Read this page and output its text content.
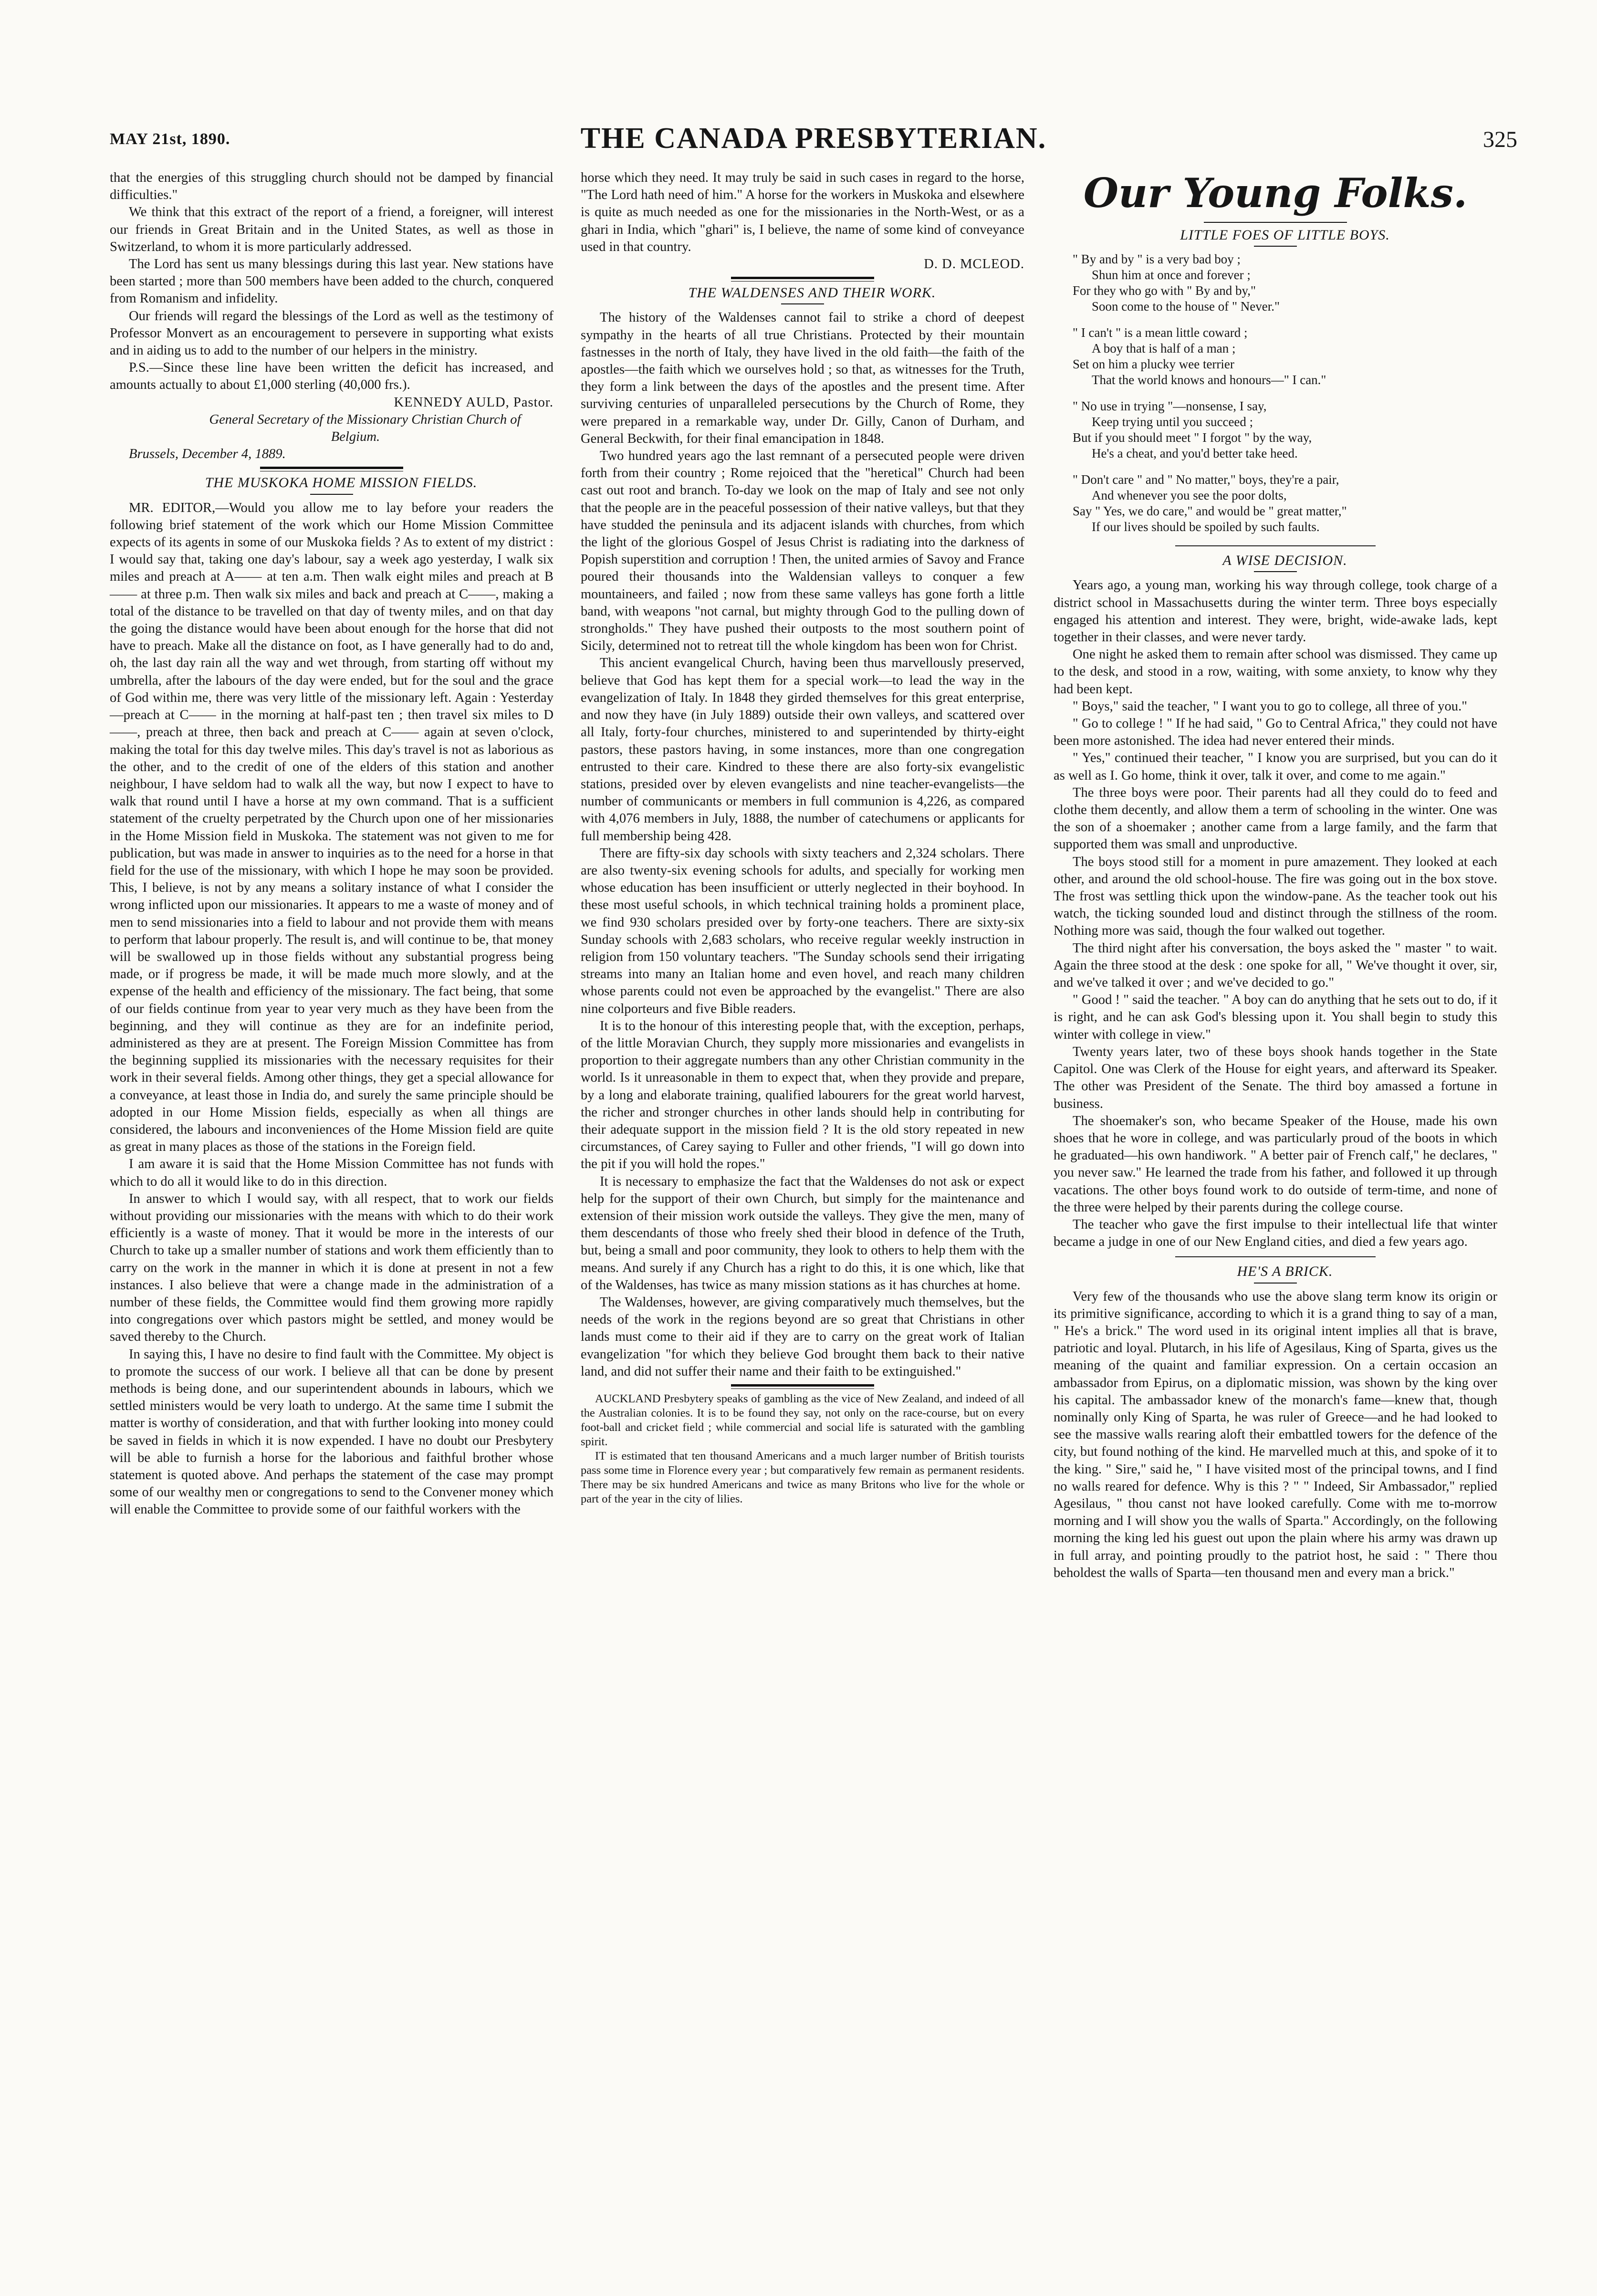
MAY 21st, 1890.	THE CANADA PRESBYTERIAN.	325

that the energies of this struggling church should not be damped by financial difficulties."

We think that this extract of the report of a friend, a foreigner, will interest our friends in Great Britain and in the United States, as well as those in Switzerland, to whom it is more particularly addressed.

The Lord has sent us many blessings during this last year. New stations have been started ; more than 500 members have been added to the church, conquered from Romanism and infidelity.

Our friends will regard the blessings of the Lord as well as the testimony of Professor Monvert as an encouragement to persevere in supporting what exists and in aiding us to add to the number of our helpers in the ministry.

P.S.—Since these line have been written the deficit has increased, and amounts actually to about £1,000 sterling (40,000 frs.).

KENNEDY AULD, Pastor.

General Secretary of the Missionary Christian Church of Belgium.

Brussels, December 4, 1889.

THE MUSKOKA HOME MISSION FIELDS.

MR. EDITOR,—Would you allow me to lay before your readers the following brief statement of the work which our Home Mission Committee expects of its agents in some of our Muskoka fields ? As to extent of my district : I would say that, taking one day's labour, say a week ago yesterday, I walk six miles and preach at A—— at ten a.m. Then walk eight miles and preach at B—— at three p.m. Then walk six miles and back and preach at C——, making a total of the distance to be travelled on that day of twenty miles, and on that day the going the distance would have been about enough for the horse that did not have to preach. Make all the distance on foot, as I have generally had to do and, oh, the last day rain all the way and wet through, from starting off without my umbrella, after the labours of the day were ended, but for the soul and the grace of God within me, there was very little of the missionary left. Again : Yesterday—preach at C—— in the morning at half-past ten ; then travel six miles to D——, preach at three, then back and preach at C—— again at seven o'clock, making the total for this day twelve miles. This day's travel is not as laborious as the other, and to the credit of one of the elders of this station and another neighbour, I have seldom had to walk all the way, but now I expect to have to walk that round until I have a horse at my own command. That is a sufficient statement of the cruelty perpetrated by the Church upon one of her missionaries in the Home Mission field in Muskoka. The statement was not given to me for publication, but was made in answer to inquiries as to the need for a horse in that field for the use of the missionary, with which I hope he may soon be provided. This, I believe, is not by any means a solitary instance of what I consider the wrong inflicted upon our missionaries. It appears to me a waste of money and of men to send missionaries into a field to labour and not provide them with means to perform that labour properly. The result is, and will continue to be, that money will be swallowed up in those fields without any substantial progress being made, or if progress be made, it will be made much more slowly, and at the expense of the health and efficiency of the missionary. The fact being, that some of our fields continue from year to year very much as they have been from the beginning, and they will continue as they are for an indefinite period, administered as they are at present. The Foreign Mission Committee has from the beginning supplied its missionaries with the necessary requisites for their work in their several fields. Among other things, they get a special allowance for a conveyance, at least those in India do, and surely the same principle should be adopted in our Home Mission fields, especially as when all things are considered, the labours and inconveniences of the Home Mission field are quite as great in many places as those of the stations in the Foreign field.

I am aware it is said that the Home Mission Committee has not funds with which to do all it would like to do in this direction.

In answer to which I would say, with all respect, that to work our fields without providing our missionaries with the means with which to do their work efficiently is a waste of money. That it would be more in the interests of our Church to take up a smaller number of stations and work them efficiently than to carry on the work in the manner in which it is done at present in not a few instances. I also believe that were a change made in the administration of a number of these fields, the Committee would find them growing more rapidly into congregations over which pastors might be settled, and money would be saved thereby to the Church.

In saying this, I have no desire to find fault with the Committee. My object is to promote the success of our work. I believe all that can be done by present methods is being done, and our superintendent abounds in labours, which we settled ministers would be very loath to undergo. At the same time I submit the matter is worthy of consideration, and that with further looking into money could be saved in fields in which it is now expended. I have no doubt our Presbytery will be able to furnish a horse for the laborious and faithful brother whose statement is quoted above. And perhaps the statement of the case may prompt some of our wealthy men or congregations to send to the Convener money which will enable the Committee to provide some of our faithful workers with the

horse which they need. It may truly be said in such cases in regard to the horse, "The Lord hath need of him." A horse for the workers in Muskoka and elsewhere is quite as much needed as one for the missionaries in the North-West, or as a ghari in India, which "ghari" is, I believe, the name of some kind of conveyance used in that country.

D. D. MCLEOD.

THE WALDENSES AND THEIR WORK.

The history of the Waldenses cannot fail to strike a chord of deepest sympathy in the hearts of all true Christians. Protected by their mountain fastnesses in the north of Italy, they have lived in the old faith—the faith of the apostles—the faith which we ourselves hold ; so that, as witnesses for the Truth, they form a link between the days of the apostles and the present time. After surviving centuries of unparalleled persecutions by the Church of Rome, they were prepared in a remarkable way, under Dr. Gilly, Canon of Durham, and General Beckwith, for their final emancipation in 1848.

Two hundred years ago the last remnant of a persecuted people were driven forth from their country ; Rome rejoiced that the "heretical" Church had been cast out root and branch. To-day we look on the map of Italy and see not only that the people are in the peaceful possession of their native valleys, but that they have studded the peninsula and its adjacent islands with churches, from which the light of the glorious Gospel of Jesus Christ is radiating into the darkness of Popish superstition and corruption ! Then, the united armies of Savoy and France poured their thousands into the Waldensian valleys to conquer a few mountaineers, and failed ; now from these same valleys has gone forth a little band, with weapons "not carnal, but mighty through God to the pulling down of strongholds." They have pushed their outposts to the most southern point of Sicily, determined not to retreat till the whole kingdom has been won for Christ.

This ancient evangelical Church, having been thus marvellously preserved, believe that God has kept them for a special work—to lead the way in the evangelization of Italy. In 1848 they girded themselves for this great enterprise, and now they have (in July 1889) outside their own valleys, and scattered over all Italy, forty-four churches, ministered to and superintended by thirty-eight pastors, these pastors having, in some instances, more than one congregation entrusted to their care. Kindred to these there are also forty-six evangelistic stations, presided over by eleven evangelists and nine teacher-evangelists—the number of communicants or members in full communion is 4,226, as compared with 4,076 members in July, 1888, the number of catechumens or applicants for full membership being 428.

There are fifty-six day schools with sixty teachers and 2,324 scholars. There are also twenty-six evening schools for adults, and specially for working men whose education has been insufficient or utterly neglected in their boyhood. In these most useful schools, in which technical training holds a prominent place, we find 930 scholars presided over by forty-one teachers. There are sixty-six Sunday schools with 2,683 scholars, who receive regular weekly instruction in religion from 150 voluntary teachers. "The Sunday schools send their irrigating streams into many an Italian home and even hovel, and reach many children whose parents could not even be approached by the evangelist." There are also nine colporteurs and five Bible readers.

It is to the honour of this interesting people that, with the exception, perhaps, of the little Moravian Church, they supply more missionaries and evangelists in proportion to their aggregate numbers than any other Christian community in the world. Is it unreasonable in them to expect that, when they provide and prepare, by a long and elaborate training, qualified labourers for the great world harvest, the richer and stronger churches in other lands should help in contributing for their adequate support in the mission field ? It is the old story repeated in new circumstances, of Carey saying to Fuller and other friends, "I will go down into the pit if you will hold the ropes."

It is necessary to emphasize the fact that the Waldenses do not ask or expect help for the support of their own Church, but simply for the maintenance and extension of their mission work outside the valleys. They give the men, many of them descendants of those who freely shed their blood in defence of the Truth, but, being a small and poor community, they look to others to help them with the means. And surely if any Church has a right to do this, it is one which, like that of the Waldenses, has twice as many mission stations as it has churches at home.

The Waldenses, however, are giving comparatively much themselves, but the needs of the work in the regions beyond are so great that Christians in other lands must come to their aid if they are to carry on the great work of Italian evangelization "for which they believe God brought them back to their native land, and did not suffer their name and their faith to be extinguished."

AUCKLAND Presbytery speaks of gambling as the vice of New Zealand, and indeed of all the Australian colonies. It is to be found they say, not only on the race-course, but on every foot-ball and cricket field ; while commercial and social life is saturated with the gambling spirit.

IT is estimated that ten thousand Americans and a much larger number of British tourists pass some time in Florence every year ; but comparatively few remain as permanent residents. There may be six hundred Americans and twice as many Britons who live for the whole or part of the year in the city of lilies.

Our Young Folks.

LITTLE FOES OF LITTLE BOYS.

" By and by " is a very bad boy ;
Shun him at once and forever ;
For they who go with " By and by,"
Soon come to the house of " Never."
" I can't " is a mean little coward ;
A boy that is half of a man ;
Set on him a plucky wee terrier
That the world knows and honours—" I can."
" No use in trying "—nonsense, I say,
Keep trying until you succeed ;
But if you should meet " I forgot " by the way,
He's a cheat, and you'd better take heed.
" Don't care " and " No matter," boys, they're a pair,
And whenever you see the poor dolts,
Say " Yes, we do care," and would be " great matter,"
If our lives should be spoiled by such faults.

A WISE DECISION.

Years ago, a young man, working his way through college, took charge of a district school in Massachusetts during the winter term. Three boys especially engaged his attention and interest. They were, bright, wide-awake lads, kept together in their classes, and were never tardy.

One night he asked them to remain after school was dismissed. They came up to the desk, and stood in a row, waiting, with some anxiety, to know why they had been kept.

" Boys," said the teacher, " I want you to go to college, all three of you."

" Go to college ! " If he had said, " Go to Central Africa," they could not have been more astonished. The idea had never entered their minds.

" Yes," continued their teacher, " I know you are surprised, but you can do it as well as I. Go home, think it over, talk it over, and come to me again."

The three boys were poor. Their parents had all they could do to feed and clothe them decently, and allow them a term of schooling in the winter. One was the son of a shoemaker ; another came from a large family, and the farm that supported them was small and unproductive.

The boys stood still for a moment in pure amazement. They looked at each other, and around the old school-house. The fire was going out in the box stove. The frost was settling thick upon the window-pane. As the teacher took out his watch, the ticking sounded loud and distinct through the stillness of the room. Nothing more was said, though the four walked out together.

The third night after his conversation, the boys asked the " master " to wait. Again the three stood at the desk : one spoke for all, " We've thought it over, sir, and we've talked it over ; and we've decided to go."

" Good ! " said the teacher. " A boy can do anything that he sets out to do, if it is right, and he can ask God's blessing upon it. You shall begin to study this winter with college in view."

Twenty years later, two of these boys shook hands together in the State Capitol. One was Clerk of the House for eight years, and afterward its Speaker. The other was President of the Senate. The third boy amassed a fortune in business.

The shoemaker's son, who became Speaker of the House, made his own shoes that he wore in college, and was particularly proud of the boots in which he graduated—his own handiwork. " A better pair of French calf," he declares, " you never saw." He learned the trade from his father, and followed it up through vacations. The other boys found work to do outside of term-time, and none of the three were helped by their parents during the college course.

The teacher who gave the first impulse to their intellectual life that winter became a judge in one of our New England cities, and died a few years ago.

HE'S A BRICK.

Very few of the thousands who use the above slang term know its origin or its primitive significance, according to which it is a grand thing to say of a man, " He's a brick." The word used in its original intent implies all that is brave, patriotic and loyal. Plutarch, in his life of Agesilaus, King of Sparta, gives us the meaning of the quaint and familiar expression. On a certain occasion an ambassador from Epirus, on a diplomatic mission, was shown by the king over his capital. The ambassador knew of the monarch's fame—knew that, though nominally only King of Sparta, he was ruler of Greece—and he had looked to see the massive walls rearing aloft their embattled towers for the defence of the city, but found nothing of the kind. He marvelled much at this, and spoke of it to the king. " Sire," said he, " I have visited most of the principal towns, and I find no walls reared for defence. Why is this ? " " Indeed, Sir Ambassador," replied Agesilaus, " thou canst not have looked carefully. Come with me to-morrow morning and I will show you the walls of Sparta." Accordingly, on the following morning the king led his guest out upon the plain where his army was drawn up in full array, and pointing proudly to the patriot host, he said : " There thou beholdest the walls of Sparta—ten thousand men and every man a brick."
